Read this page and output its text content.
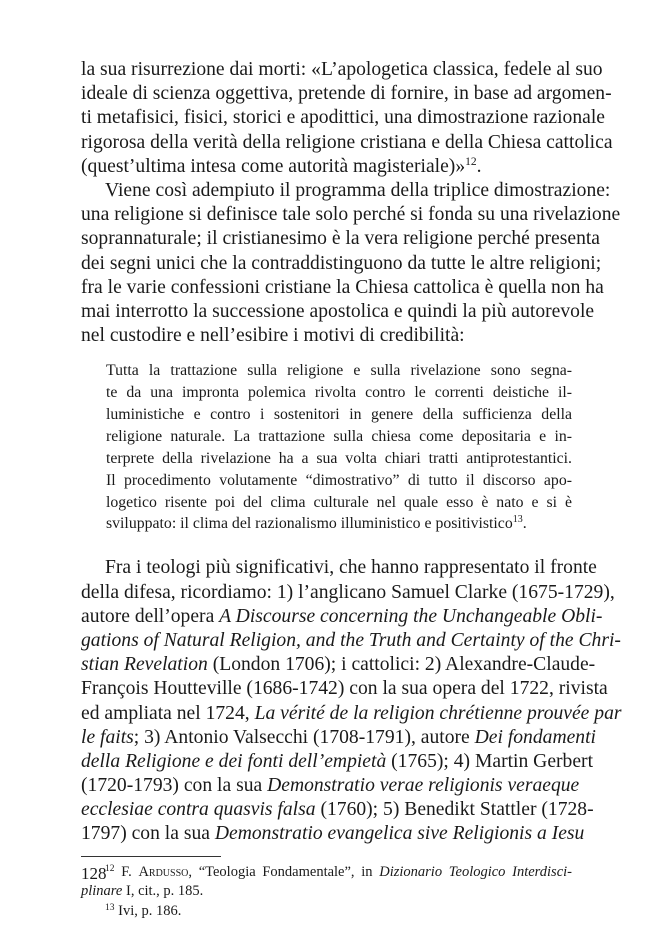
la sua risurrezione dai morti: «L’apologetica classica, fedele al suo
ideale di scienza oggettiva, pretende di fornire, in base ad argomen-
ti metafisici, fisici, storici e apodittici, una dimostrazione razionale
rigorosa della verità della religione cristiana e della Chiesa cattolica
(quest’ultima intesa come autorità magisteriale)»$^{12}$.
Viene così adempiuto il programma della triplice dimostrazione:
una religione si definisce tale solo perché si fonda su una rivelazione
soprannaturale; il cristianesimo è la vera religione perché presenta
dei segni unici che la contraddistinguono da tutte le altre religioni;
fra le varie confessioni cristiane la Chiesa cattolica è quella non ha
mai interrotto la successione apostolica e quindi la più autorevole
nel custodire e nell’esibire i motivi di credibilità:
Tutta la trattazione sulla religione e sulla rivelazione sono segna-
te da una impronta polemica rivolta contro le correnti deistiche il-
luministiche e contro i sostenitori in genere della sufficienza della
religione naturale. La trattazione sulla chiesa come depositaria e in-
terprete della rivelazione ha a sua volta chiari tratti antiprotestantici.
Il procedimento volutamente “dimostrativo” di tutto il discorso apo-
logetico risente poi del clima culturale nel quale esso è nato e si è
sviluppato: il clima del razionalismo illuministico e positivistico$^{13}$.
Fra i teologi più significativi, che hanno rappresentato il fronte
della difesa, ricordiamo: 1) l’anglicano Samuel Clarke (1675-1729),
autore dell’opera A Discourse concerning the Unchangeable Obli-
gations of Natural Religion, and the Truth and Certainty of the Chri-
stian Revelation (London 1706); i cattolici: 2) Alexandre-Claude-
François Houtteville (1686-1742) con la sua opera del 1722, rivista
ed ampliata nel 1724, La vérité de la religion chrétienne prouvée par
le faits; 3) Antonio Valsecchi (1708-1791), autore Dei fondamenti
della Religione e dei fonti dell’empietà (1765); 4) Martin Gerbert
(1720-1793) con la sua Demonstratio verae religionis veraeque
ecclesiae contra quasvis falsa (1760); 5) Benedikt Stattler (1728-
1797) con la sua Demonstratio evangelica sive Religionis a Iesu
$^{12}$ F. Ardusso, “Teologia Fondamentale”, in Dizionario Teologico Interdisci-
plinare I, cit., p. 185.
$^{13}$ Ivi, p. 186.
128
